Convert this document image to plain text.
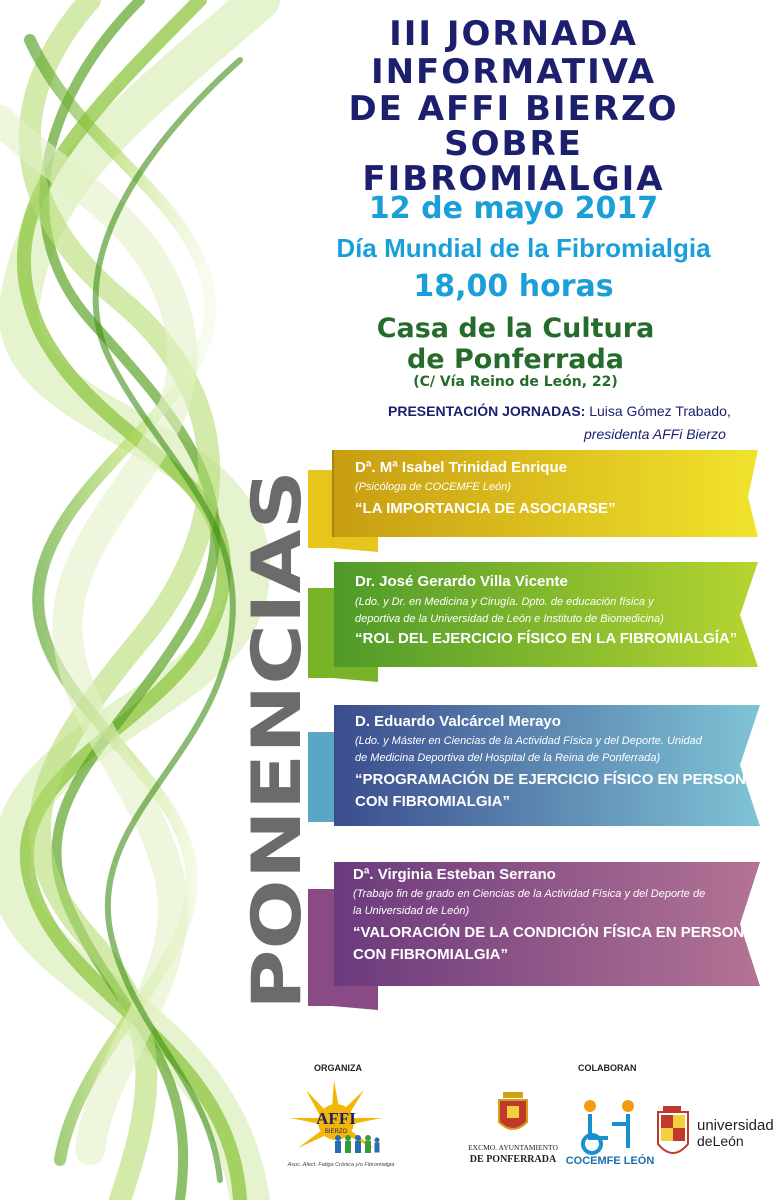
III JORNADA
INFORMATIVA
DE AFFI BIERZO
SOBRE
FIBROMIALGIA
12 de mayo 2017
Día Mundial de la Fibromialgia
18,00 horas
Casa de la Cultura
de Ponferrada
(C/ Vía Reino de León, 22)
PRESENTACIÓN JORNADAS: Luisa Gómez Trabado,
presidenta AFFi Bierzo
PONENCIAS
Dª. Mª Isabel Trinidad Enrique
(Psicóloga de COCEMFE León)
“LA IMPORTANCIA DE ASOCIARSE”
Dr. José Gerardo Villa Vicente
(Ldo. y Dr. en Medicina y Cirugía. Dpto. de educación física y
deportiva de la Universidad de León e Instituto de Biomedicina)
“ROL DEL EJERCICIO FÍSICO EN LA FIBROMIALGÍA”
D. Eduardo Valcárcel Merayo
(Ldo. y Máster en Ciencias de la Actividad Física y del Deporte. Unidad
de Medicina Deportiva del Hospital de la Reina de Ponferrada)
“PROGRAMACIÓN DE EJERCICIO FÍSICO EN PERSONAS
CON FIBROMIALGIA”
Dª. Virginia Esteban Serrano
(Trabajo fin de grado en Ciencias de la Actividad Física y del Deporte de
la Universidad de León)
“VALORACIÓN DE LA CONDICIÓN FÍSICA EN PERSONAS
CON FIBROMIALGIA”
ORGANIZA	COLABORAN
AFFI
BIERZO
Asoc. Afect. Fatiga Crónica y/o Fibromialgia
EXCMO. AYUNTAMIENTO
DE PONFERRADA COCEMFE LEÓN
universidad
deLeón
